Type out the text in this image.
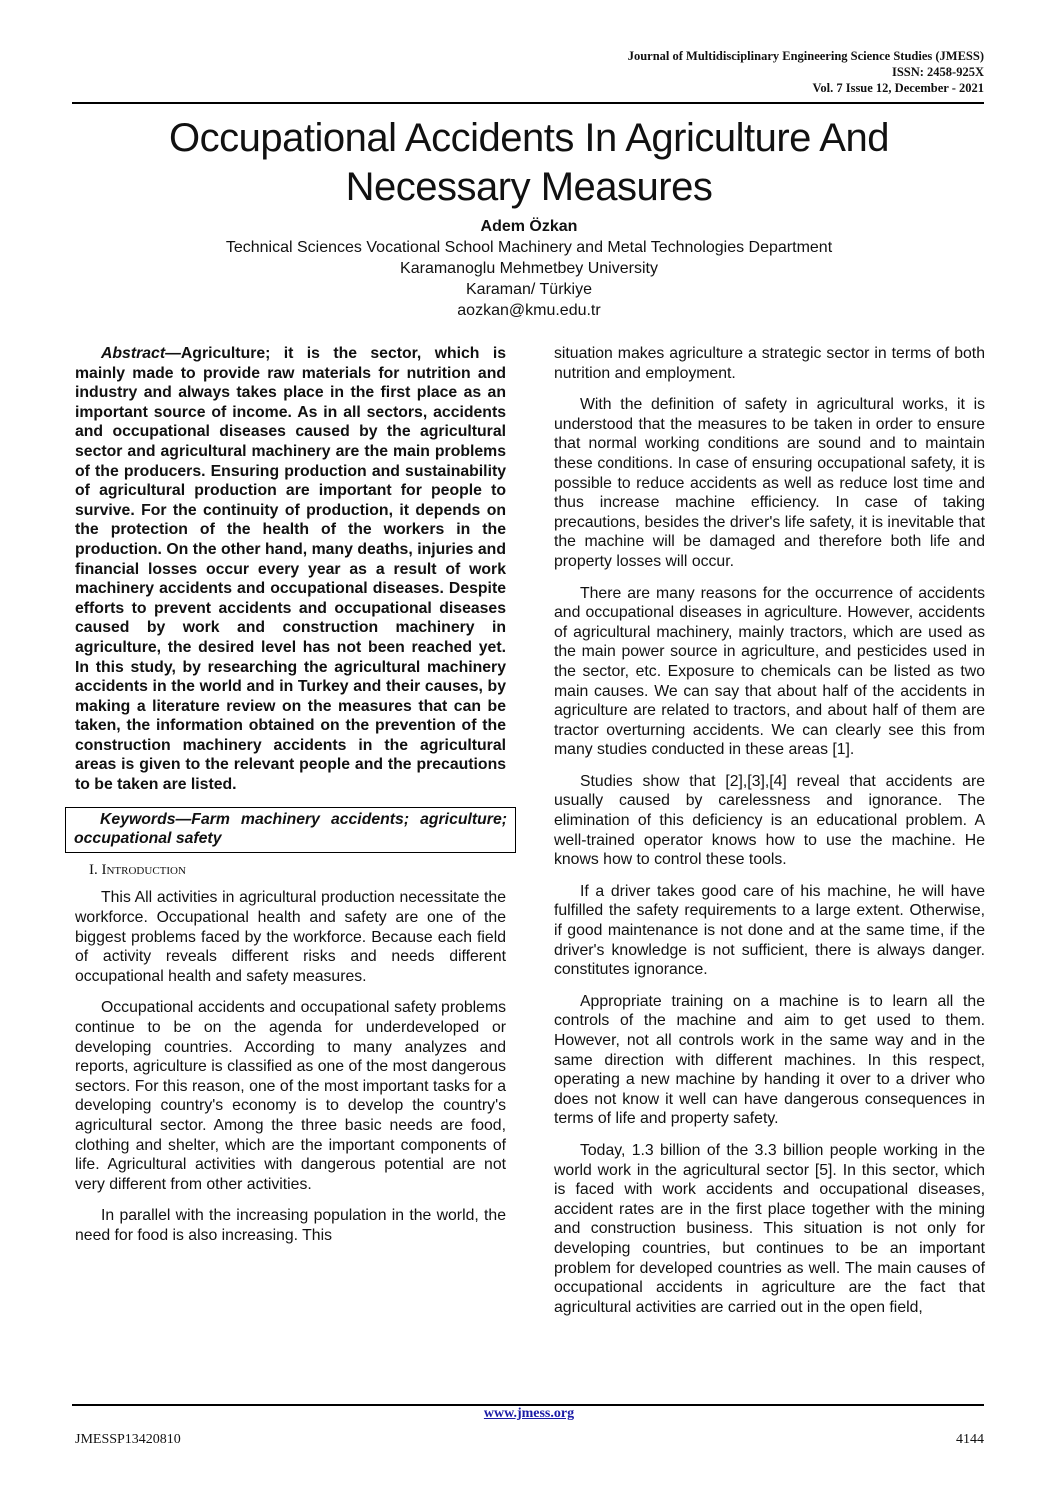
Journal of Multidisciplinary Engineering Science Studies (JMESS)
ISSN: 2458-925X
Vol. 7 Issue 12, December - 2021
Occupational Accidents In Agriculture And
Necessary Measures
Adem Özkan
Technical Sciences Vocational School Machinery and Metal Technologies Department
Karamanoglu Mehmetbey University
Karaman/ Türkiye
aozkan@kmu.edu.tr

Abstract—Agriculture; it is the sector, which is mainly made to provide raw materials for nutrition and industry and always takes place in the first place as an important source of income. As in all sectors, accidents and occupational diseases caused by the agricultural sector and agricultural machinery are the main problems of the producers. Ensuring production and sustainability of agricultural production are important for people to survive. For the continuity of production, it depends on the protection of the health of the workers in the production. On the other hand, many deaths, injuries and financial losses occur every year as a result of work machinery accidents and occupational diseases. Despite efforts to prevent accidents and occupational diseases caused by work and construction machinery in agriculture, the desired level has not been reached yet. In this study, by researching the agricultural machinery accidents in the world and in Turkey and their causes, by making a literature review on the measures that can be taken, the information obtained on the prevention of the construction machinery accidents in the agricultural areas is given to the relevant people and the precautions to be taken are listed.

Keywords—Farm machinery accidents; agriculture; occupational safety
I. Introduction

This All activities in agricultural production necessitate the workforce. Occupational health and safety are one of the biggest problems faced by the workforce. Because each field of activity reveals different risks and needs different occupational health and safety measures.

Occupational accidents and occupational safety problems continue to be on the agenda for underdeveloped or developing countries. According to many analyzes and reports, agriculture is classified as one of the most dangerous sectors. For this reason, one of the most important tasks for a developing country's economy is to develop the country's agricultural sector. Among the three basic needs are food, clothing and shelter, which are the important components of life. Agricultural activities with dangerous potential are not very different from other activities.

In parallel with the increasing population in the world, the need for food is also increasing. This

situation makes agriculture a strategic sector in terms of both nutrition and employment.

With the definition of safety in agricultural works, it is understood that the measures to be taken in order to ensure that normal working conditions are sound and to maintain these conditions. In case of ensuring occupational safety, it is possible to reduce accidents as well as reduce lost time and thus increase machine efficiency. In case of taking precautions, besides the driver's life safety, it is inevitable that the machine will be damaged and therefore both life and property losses will occur.

There are many reasons for the occurrence of accidents and occupational diseases in agriculture. However, accidents of agricultural machinery, mainly tractors, which are used as the main power source in agriculture, and pesticides used in the sector, etc. Exposure to chemicals can be listed as two main causes. We can say that about half of the accidents in agriculture are related to tractors, and about half of them are tractor overturning accidents. We can clearly see this from many studies conducted in these areas [1].

Studies show that [2],[3],[4] reveal that accidents are usually caused by carelessness and ignorance. The elimination of this deficiency is an educational problem. A well-trained operator knows how to use the machine. He knows how to control these tools.

If a driver takes good care of his machine, he will have fulfilled the safety requirements to a large extent. Otherwise, if good maintenance is not done and at the same time, if the driver's knowledge is not sufficient, there is always danger. constitutes ignorance.

Appropriate training on a machine is to learn all the controls of the machine and aim to get used to them. However, not all controls work in the same way and in the same direction with different machines. In this respect, operating a new machine by handing it over to a driver who does not know it well can have dangerous consequences in terms of life and property safety.

Today, 1.3 billion of the 3.3 billion people working in the world work in the agricultural sector [5]. In this sector, which is faced with work accidents and occupational diseases, accident rates are in the first place together with the mining and construction business. This situation is not only for developing countries, but continues to be an important problem for developed countries as well. The main causes of occupational accidents in agriculture are the fact that agricultural activities are carried out in the open field,

www.jmess.org
JMESSP13420810	4144
